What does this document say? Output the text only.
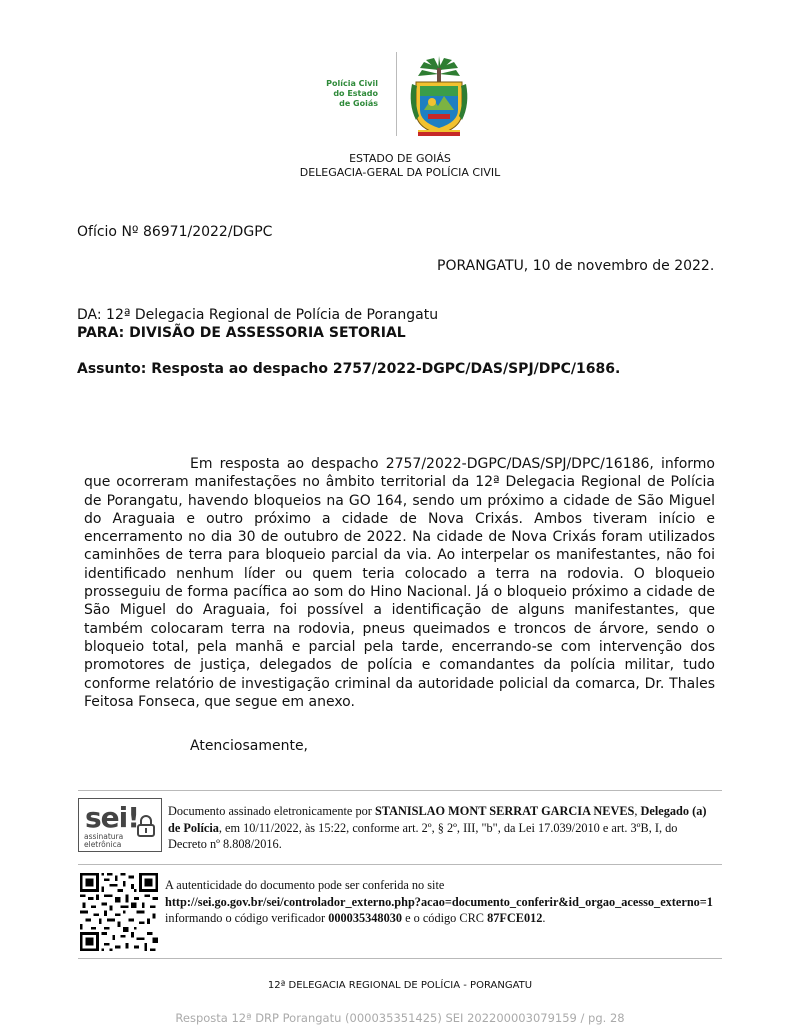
Polícia Civil
do Estado
de Goiás
ESTADO DE GOIÁS
DELEGACIA-GERAL DA POLÍCIA CIVIL
Ofício Nº 86971/2022/DGPC
PORANGATU, 10 de novembro de 2022.
DA: 12ª Delegacia Regional de Polícia de Porangatu
PARA: DIVISÃO DE ASSESSORIA SETORIAL
Assunto: Resposta ao despacho 2757/2022-DGPC/DAS/SPJ/DPC/1686.
Em resposta ao despacho 2757/2022-DGPC/DAS/SPJ/DPC/16186, informo que ocorreram manifestações no âmbito territorial da 12ª Delegacia Regional de Polícia de Porangatu, havendo bloqueios na GO 164, sendo um próximo a cidade de São Miguel do Araguaia e outro próximo a cidade de Nova Crixás. Ambos tiveram início e encerramento no dia 30 de outubro de 2022. Na cidade de Nova Crixás foram utilizados caminhões de terra para bloqueio parcial da via. Ao interpelar os manifestantes, não foi identificado nenhum líder ou quem teria colocado a terra na rodovia. O bloqueio prosseguiu de forma pacífica ao som do Hino Nacional. Já o bloqueio próximo a cidade de São Miguel do Araguaia, foi possível a identificação de alguns manifestantes, que também colocaram terra na rodovia, pneus queimados e troncos de árvore, sendo o bloqueio total, pela manhã e parcial pela tarde, encerrando-se com intervenção dos promotores de justiça, delegados de polícia e comandantes da polícia militar, tudo conforme relatório de investigação criminal da autoridade policial da comarca, Dr. Thales Feitosa Fonseca, que segue em anexo.
Atenciosamente,
sei!
assinatura
eletrônica
Documento assinado eletronicamente por STANISLAO MONT SERRAT GARCIA NEVES, Delegado (a) de Polícia, em 10/11/2022, às 15:22, conforme art. 2º, § 2º, III, "b", da Lei 17.039/2010 e art. 3ºB, I, do Decreto nº 8.808/2016.
A autenticidade do documento pode ser conferida no site
http://sei.go.gov.br/sei/controlador_externo.php?acao=documento_conferir&id_orgao_acesso_externo=1 informando o código verificador 000035348030 e o código CRC 87FCE012.
12ª DELEGACIA REGIONAL DE POLÍCIA - PORANGATU
Resposta 12ª DRP Porangatu (000035351425) SEI 202200003079159 / pg. 28
